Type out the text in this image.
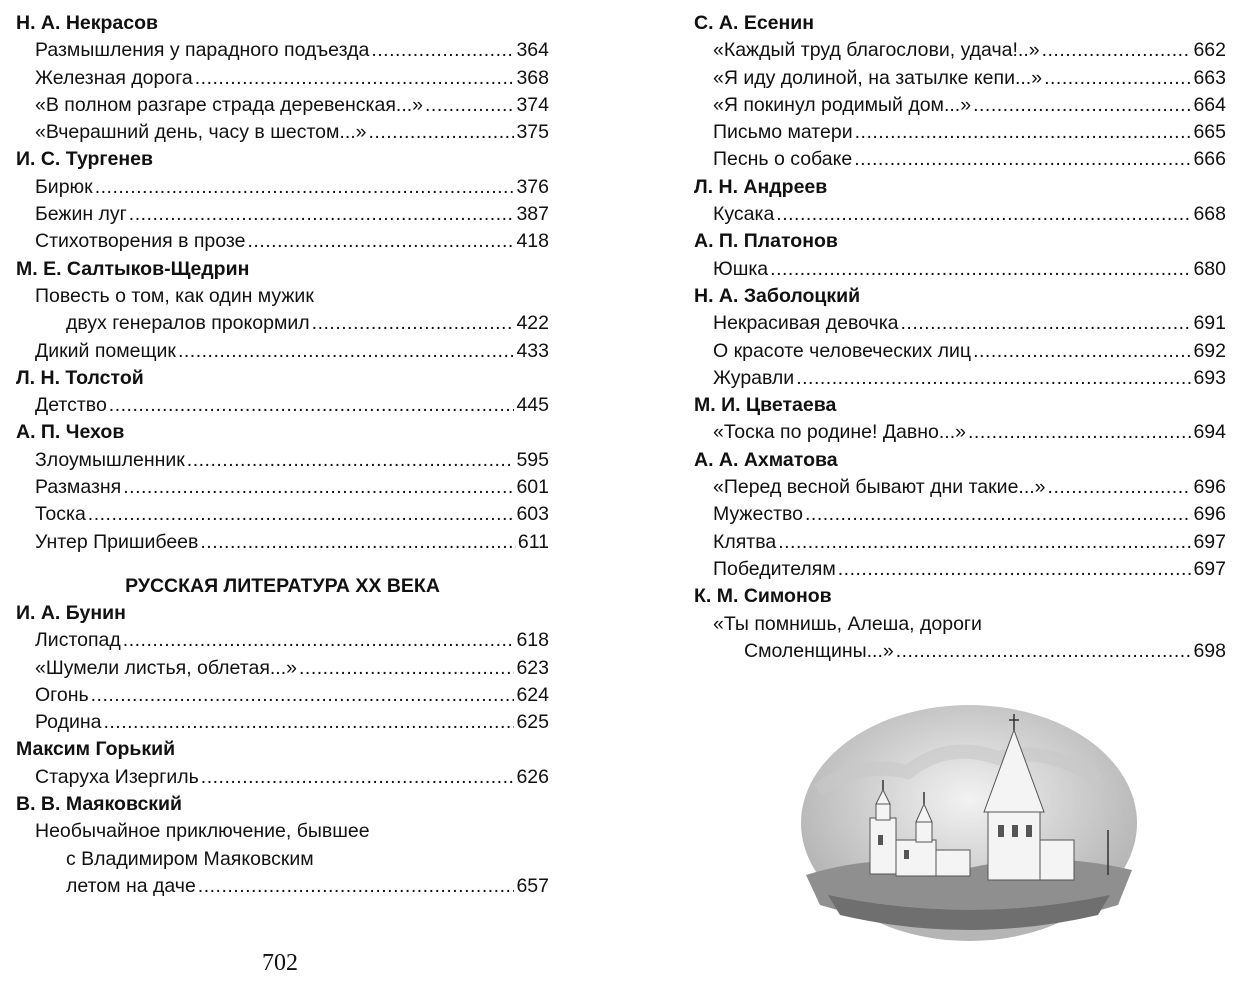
Н. А. Некрасов
Размышления у парадного подъезда .....	364
Железная дорога .....	368
«В полном разгаре страда деревенская...» .....	374
«Вчерашний день, часу в шестом...» .....	375
И. С. Тургенев
Бирюк .....	376
Бежин луг .....	387
Стихотворения в прозе .....	418
М. Е. Салтыков-Щедрин
Повесть о том, как один мужик
двух генералов прокормил .....	422
Дикий помещик .....	433
Л. Н. Толстой
Детство .....	445
А. П. Чехов
Злоумышленник .....	595
Размазня .....	601
Тоска .....	603
Унтер Пришибеев .....	611
РУССКАЯ ЛИТЕРАТУРА XX ВЕКА
И. А. Бунин
Листопад .....	618
«Шумели листья, облетая...» .....	623
Огонь .....	624
Родина .....	625
Максим Горький
Старуха Изергиль .....	626
В. В. Маяковский
Необычайное приключение, бывшее
с Владимиром Маяковским
летом на даче .....	657
С. А. Есенин
«Каждый труд благослови, удача!..» .....	662
«Я иду долиной, на затылке кепи...» .....	663
«Я покинул родимый дом...» .....	664
Письмо матери .....	665
Песнь о собаке .....	666
Л. Н. Андреев
Кусака .....	668
А. П. Платонов
Юшка .....	680
Н. А. Заболоцкий
Некрасивая девочка .....	691
О красоте человеческих лиц .....	692
Журавли .....	693
М. И. Цветаева
«Тоска по родине! Давно...» .....	694
А. А. Ахматова
«Перед весной бывают дни такие...» .....	696
Мужество .....	696
Клятва .....	697
Победителям .....	697
К. М. Симонов
«Ты помнишь, Алеша, дороги
Смоленщины...» .....	698
702
